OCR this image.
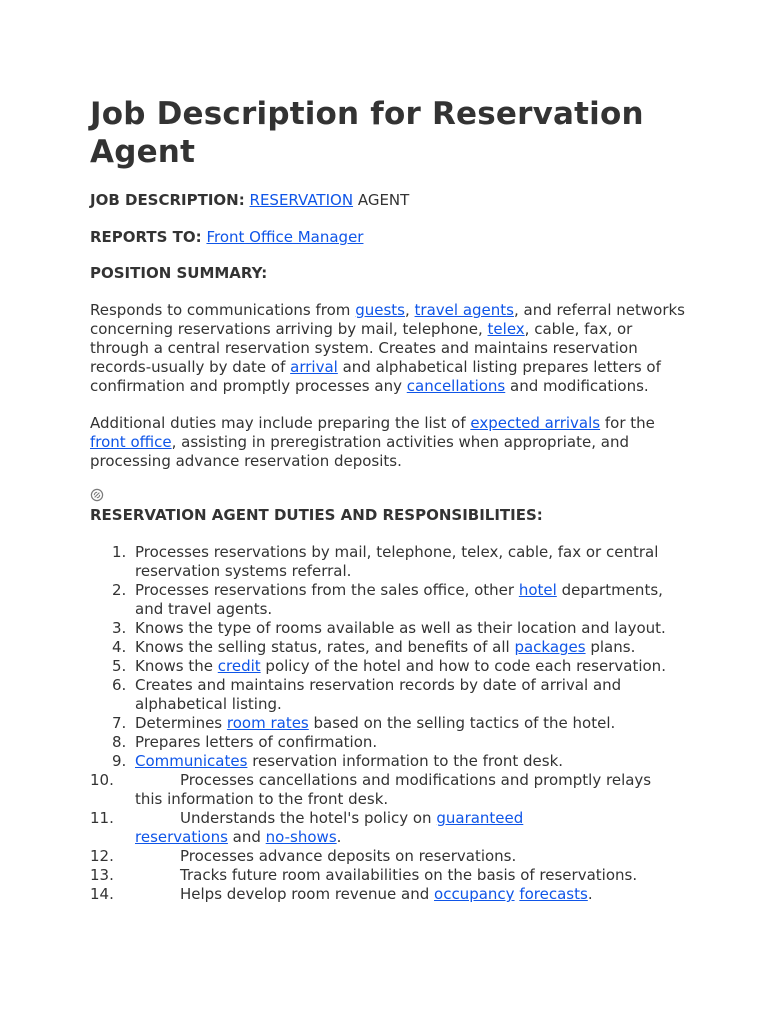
Job Description for Reservation Agent

JOB DESCRIPTION: RESERVATION AGENT

REPORTS TO: Front Office Manager

POSITION SUMMARY:

Responds to communications from guests, travel agents, and referral networks concerning reservations arriving by mail, telephone, telex, cable, fax, or through a central reservation system. Creates and maintains reservation records-usually by date of arrival and alphabetical listing prepares letters of confirmation and promptly processes any cancellations and modifications.

Additional duties may include preparing the list of expected arrivals for the front office, assisting in preregistration activities when appropriate, and processing advance reservation deposits.

RESERVATION AGENT DUTIES AND RESPONSIBILITIES:

1. Processes reservations by mail, telephone, telex, cable, fax or central reservation systems referral.
2. Processes reservations from the sales office, other hotel departments, and travel agents.
3. Knows the type of rooms available as well as their location and layout.
4. Knows the selling status, rates, and benefits of all packages plans.
5. Knows the credit policy of the hotel and how to code each reservation.
6. Creates and maintains reservation records by date of arrival and alphabetical listing.
7. Determines room rates based on the selling tactics of the hotel.
8. Prepares letters of confirmation.
9. Communicates reservation information to the front desk.
10.	Processes cancellations and modifications and promptly relays
this information to the front desk.
11.	Understands the hotel's policy on guaranteed
reservations and no-shows.
12.	Processes advance deposits on reservations.
13.	Tracks future room availabilities on the basis of reservations.
14.	Helps develop room revenue and occupancy forecasts.
